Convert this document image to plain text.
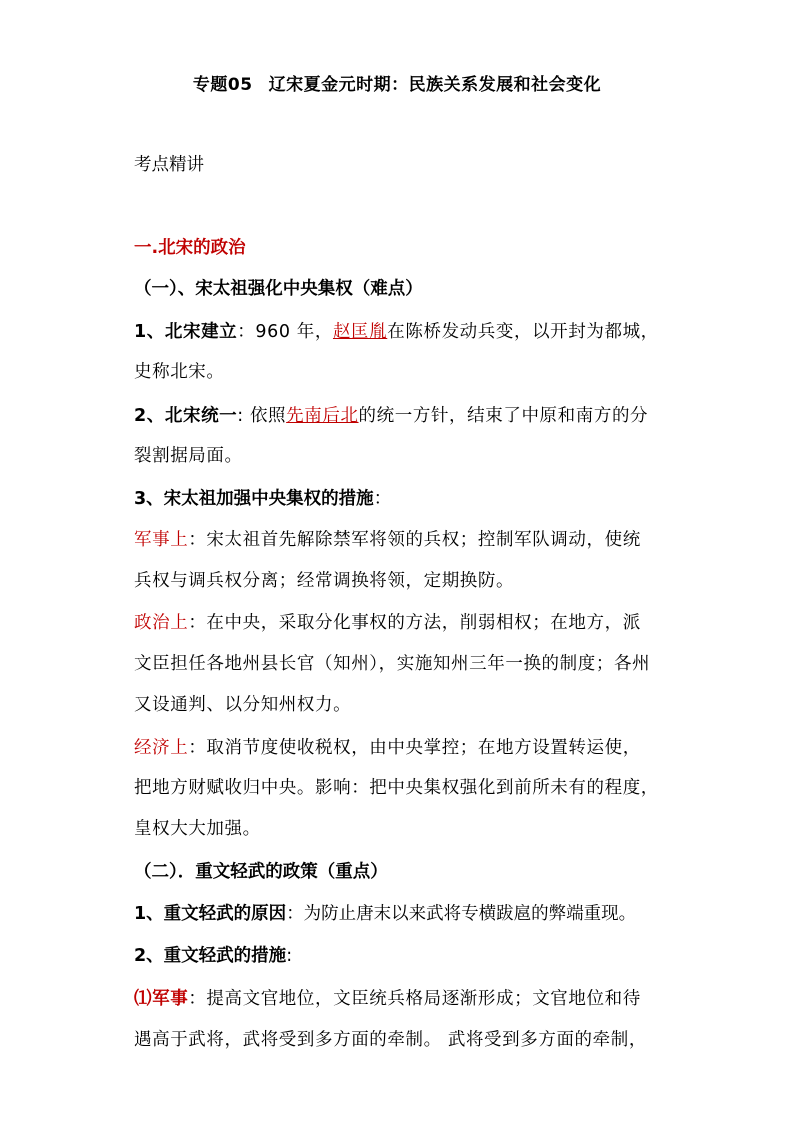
专题05 辽宋夏金元时期：民族关系发展和社会变化
考点精讲
一.北宋的政治
（一）、宋太祖强化中央集权（难点）
1、北宋建立：960 年，赵匡胤在陈桥发动兵变，以开封为都城，
史称北宋。
2、北宋统一: 依照先南后北的统一方针，结束了中原和南方的分
裂割据局面。
3、宋太祖加强中央集权的措施：
军事上：宋太祖首先解除禁军将领的兵权；控制军队调动，使统
兵权与调兵权分离；经常调换将领，定期换防。
政治上：在中央，采取分化事权的方法，削弱相权；在地方，派
文臣担任各地州县长官（知州），实施知州三年一换的制度；各州
又设通判、以分知州权力。
经济上：取消节度使收税权，由中央掌控；在地方设置转运使，
把地方财赋收归中央。影响：把中央集权强化到前所未有的程度，
皇权大大加强。
（二）．重文轻武的政策（重点）
1、重文轻武的原因：为防止唐末以来武将专横跋扈的弊端重现。
2、重文轻武的措施:
⑴军事：提高文官地位，文臣统兵格局逐渐形成；文官地位和待
遇高于武将，武将受到多方面的牵制。 武将受到多方面的牵制，
